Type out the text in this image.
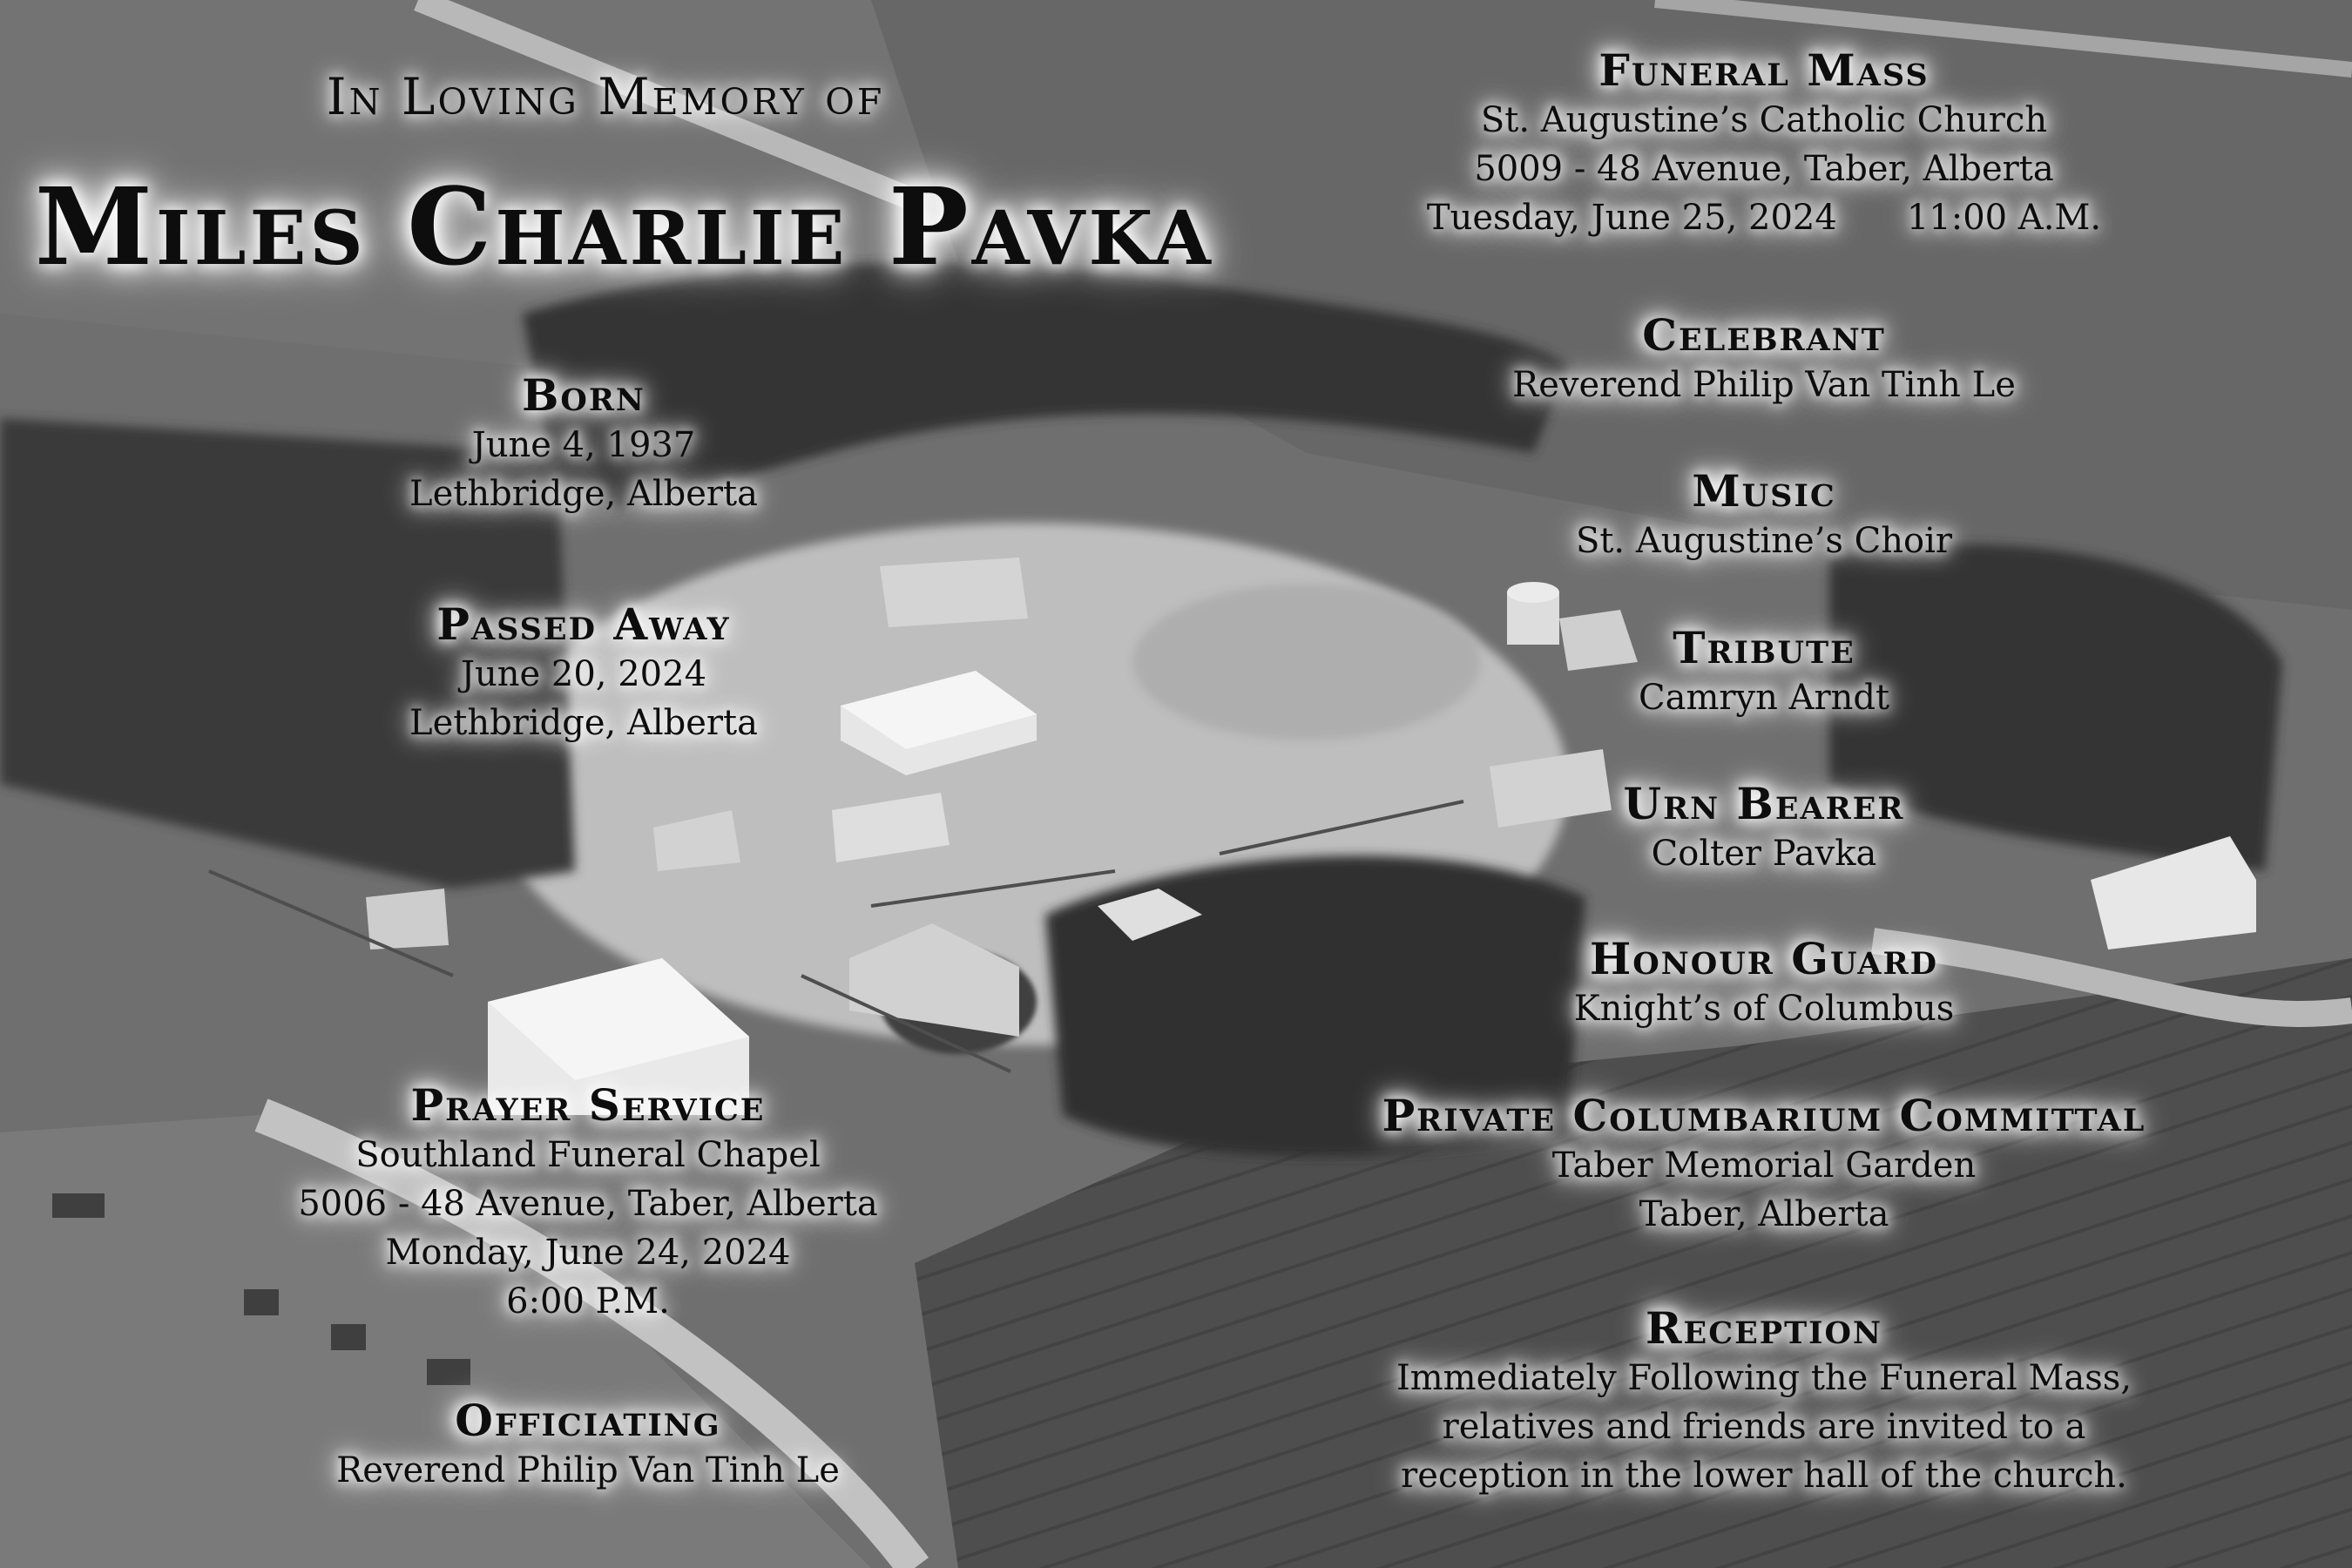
In Loving Memory of
Miles Charlie Pavka
Born
June 4, 1937
Lethbridge, Alberta
Passed Away
June 20, 2024
Lethbridge, Alberta
Prayer Service
Southland Funeral Chapel
5006 - 48 Avenue, Taber, Alberta
Monday, June 24, 2024
6:00 P.M.
Officiating
Reverend Philip Van Tinh Le
Funeral Mass
St. Augustine’s Catholic Church
5009 - 48 Avenue, Taber, Alberta
Tuesday, June 25, 2024 11:00 A.M.
Celebrant
Reverend Philip Van Tinh Le
Music
St. Augustine’s Choir
Tribute
Camryn Arndt
Urn Bearer
Colter Pavka
Honour Guard
Knight’s of Columbus
Private Columbarium Committal
Taber Memorial Garden
Taber, Alberta
Reception
Immediately Following the Funeral Mass,
relatives and friends are invited to a
reception in the lower hall of the church.
